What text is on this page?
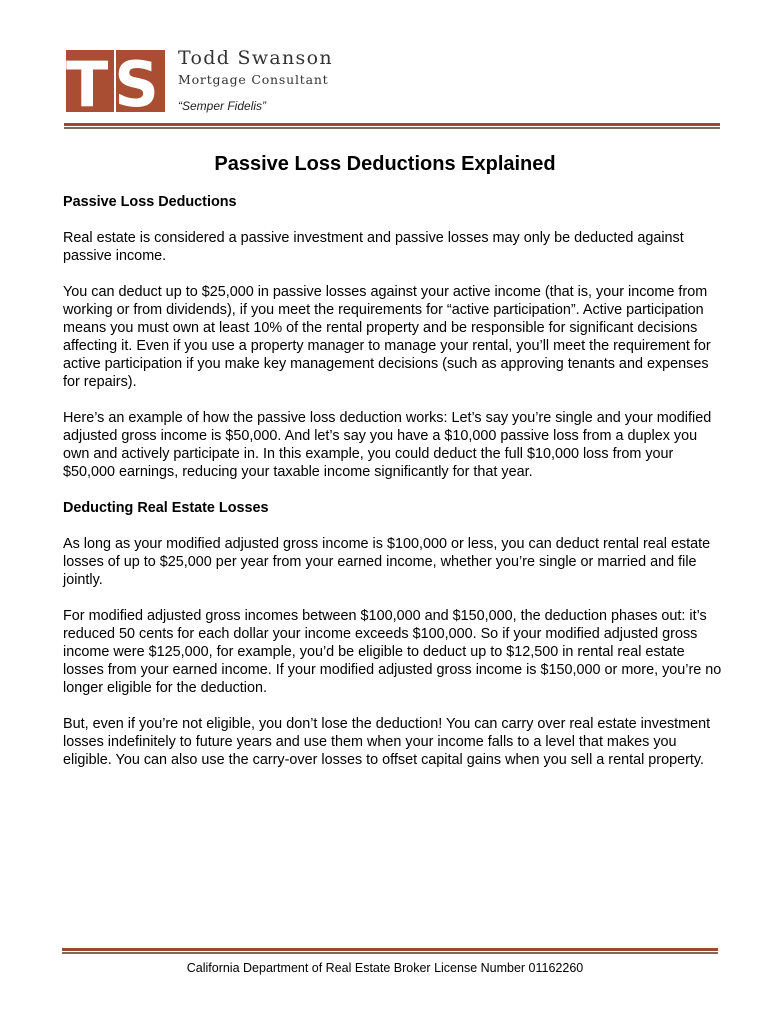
TS Todd Swanson
Mortgage Consultant
“Semper Fidelis”
Passive Loss Deductions Explained
Passive Loss Deductions

Real estate is considered a passive investment and passive losses may only be deducted against passive income.

You can deduct up to $25,000 in passive losses against your active income (that is, your income from working or from dividends), if you meet the requirements for “active participation”. Active participation means you must own at least 10% of the rental property and be responsible for significant decisions affecting it. Even if you use a property manager to manage your rental, you’ll meet the requirement for active participation if you make key management decisions (such as approving tenants and expenses for repairs).

Here’s an example of how the passive loss deduction works: Let’s say you’re single and your modified adjusted gross income is $50,000. And let’s say you have a $10,000 passive loss from a duplex you own and actively participate in. In this example, you could deduct the full $10,000 loss from your $50,000 earnings, reducing your taxable income significantly for that year.

Deducting Real Estate Losses

As long as your modified adjusted gross income is $100,000 or less, you can deduct rental real estate losses of up to $25,000 per year from your earned income, whether you’re single or married and file jointly.

For modified adjusted gross incomes between $100,000 and $150,000, the deduction phases out: it’s reduced 50 cents for each dollar your income exceeds $100,000. So if your modified adjusted gross income were $125,000, for example, you’d be eligible to deduct up to $12,500 in rental real estate losses from your earned income. If your modified adjusted gross income is $150,000 or more, you’re no longer eligible for the deduction.

But, even if you’re not eligible, you don’t lose the deduction! You can carry over real estate investment losses indefinitely to future years and use them when your income falls to a level that makes you eligible. You can also use the carry-over losses to offset capital gains when you sell a rental property.

California Department of Real Estate Broker License Number 01162260
